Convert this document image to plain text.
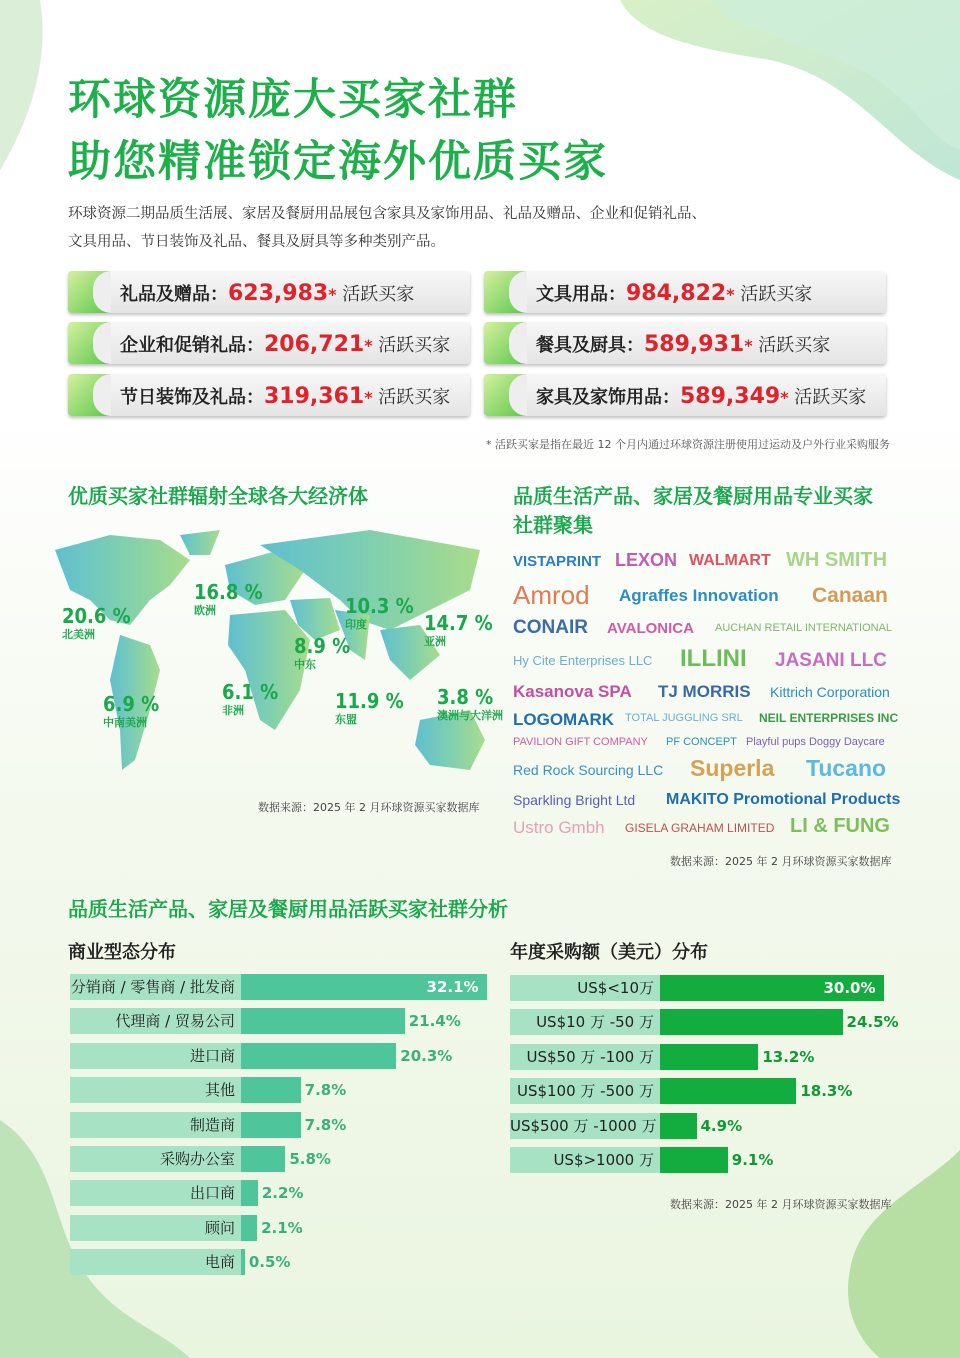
环球资源庞大买家社群
助您精准锁定海外优质买家
环球资源二期品质生活展、家居及餐厨用品展包含家具及家饰用品、礼品及赠品、企业和促销礼品、文具用品、节日装饰及礼品、餐具及厨具等多种类别产品。
礼品及赠品：623,983* 活跃买家	文具用品：984,822* 活跃买家
企业和促销礼品：206,721* 活跃买家	餐具及厨具：589,931* 活跃买家
节日装饰及礼品：319,361* 活跃买家	家具及家饰用品：589,349* 活跃买家
* 活跃买家是指在最近 12 个月内通过环球资源注册使用过运动及户外行业采购服务
优质买家社群辐射全球各大经济体
20.6 %
北美洲
16.8 %
欧洲	10.3 %
印度	14.7 %
亚洲
8.9 %
中东
6.9 %
中南美洲
6.1 %
非洲	11.9 %
东盟
3.8 %
澳洲与大洋洲
数据来源：2025 年 2 月环球资源买家数据库
品质生活产品、家居及餐厨用品专业买家
社群聚集
VISTAPRINT LEXON WALMART WH SMITH
Amrod Agraffes Innovation Canaan
CONAIR AVALONICA AUCHAN RETAIL INTERNATIONAL
Hy Cite Enterprises LLC ILLINI JASANI LLC
Kasanova SPA TJ MORRIS Kittrich Corporation
LOGOMARK TOTAL JUGGLING SRL NEIL ENTERPRISES INC
PAVILION GIFT COMPANY PF CONCEPT Playful pups Doggy Daycare
Red Rock Sourcing LLC Superla Tucano
Sparkling Bright Ltd MAKITO Promotional Products
Ustro Gmbh GISELA GRAHAM LIMITED LI & FUNG
数据来源：2025 年 2 月环球资源买家数据库
品质生活产品、家居及餐厨用品活跃买家社群分析
商业型态分布	年度采购额（美元）分布
分销商 / 零售商 / 批发商	32.1%
代理商 / 贸易公司	21.4%
进口商	20.3%
其他	7.8%
制造商	7.8%
采购办公室	5.8%
出口商	2.2%
顾问	2.1%
电商 0.5%
US$<10万	30.0%
US$10 万 -50 万	24.5%
US$50 万 -100 万	13.2%
US$100 万 -500 万	18.3%
US$500 万 -1000 万	4.9%
US$>1000 万	9.1%
数据来源：2025 年 2 月环球资源买家数据库
